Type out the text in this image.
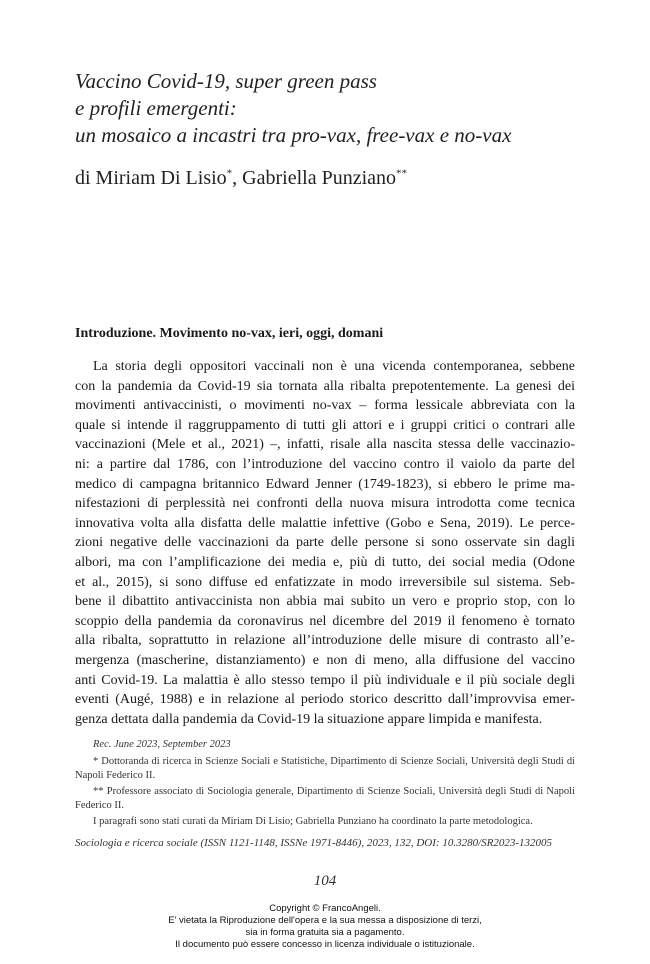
Vaccino Covid-19, super green pass
e profili emergenti:
un mosaico a incastri tra pro-vax, free-vax e no-vax
di Miriam Di Lisio*, Gabriella Punziano**
Introduzione. Movimento no-vax, ieri, oggi, domani
La storia degli oppositori vaccinali non è una vicenda contemporanea, sebbene
con la pandemia da Covid-19 sia tornata alla ribalta prepotentemente. La genesi dei
movimenti antivaccinisti, o movimenti no-vax – forma lessicale abbreviata con la
quale si intende il raggruppamento di tutti gli attori e i gruppi critici o contrari alle
vaccinazioni (Mele et al., 2021) –, infatti, risale alla nascita stessa delle vaccinazio-
ni: a partire dal 1786, con l’introduzione del vaccino contro il vaiolo da parte del
medico di campagna britannico Edward Jenner (1749-1823), si ebbero le prime ma-
nifestazioni di perplessità nei confronti della nuova misura introdotta come tecnica
innovativa volta alla disfatta delle malattie infettive (Gobo e Sena, 2019). Le perce-
zioni negative delle vaccinazioni da parte delle persone si sono osservate sin dagli
albori, ma con l’amplificazione dei media e, più di tutto, dei social media (Odone
et al., 2015), si sono diffuse ed enfatizzate in modo irreversibile sul sistema. Seb-
bene il dibattito antivaccinista non abbia mai subito un vero e proprio stop, con lo
scoppio della pandemia da coronavirus nel dicembre del 2019 il fenomeno è tornato
alla ribalta, soprattutto in relazione all’introduzione delle misure di contrasto all’e-
mergenza (mascherine, distanziamento) e non di meno, alla diffusione del vaccino
anti Covid-19. La malattia è allo stesso tempo il più individuale e il più sociale degli
eventi (Augé, 1988) e in relazione al periodo storico descritto dall’improvvisa emer-
genza dettata dalla pandemia da Covid-19 la situazione appare limpida e manifesta.
Rec. June 2023, September 2023
* Dottoranda di ricerca in Scienze Sociali e Statistiche, Dipartimento di Scienze Sociali, Università degli Studi di Napoli Federico II.
** Professore associato di Sociologia generale, Dipartimento di Scienze Sociali, Università degli Studi di Napoli Federico II.
I paragrafi sono stati curati da Miriam Di Lisio; Gabriella Punziano ha coordinato la parte metodologica.
Sociologia e ricerca sociale (ISSN 1121-1148, ISSNe 1971-8446), 2023, 132, DOI: 10.3280/SR2023-132005
104
Copyright © FrancoAngeli.
E' vietata la Riproduzione dell'opera e la sua messa a disposizione di terzi,
sia in forma gratuita sia a pagamento.
Il documento può essere concesso in licenza individuale o istituzionale.
